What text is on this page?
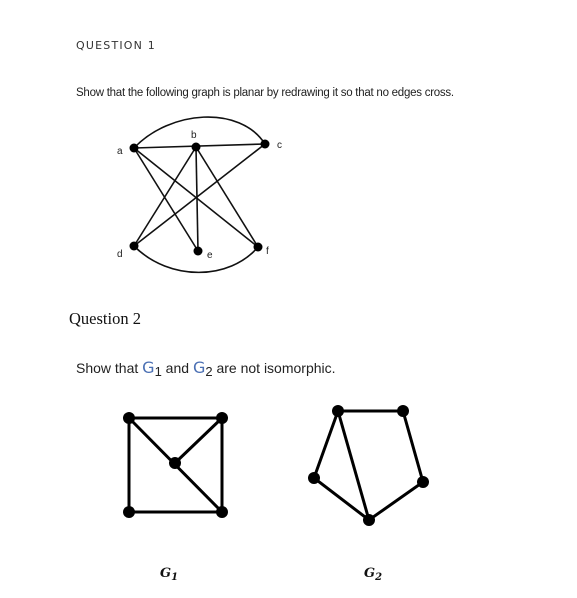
QUESTION 1
Show that the following graph is planar by redrawing it so that no edges cross.
a
b
c
d	e	f
Question 2
Show that G1 and G2 are not isomorphic.
$G_1$	$G_2$
